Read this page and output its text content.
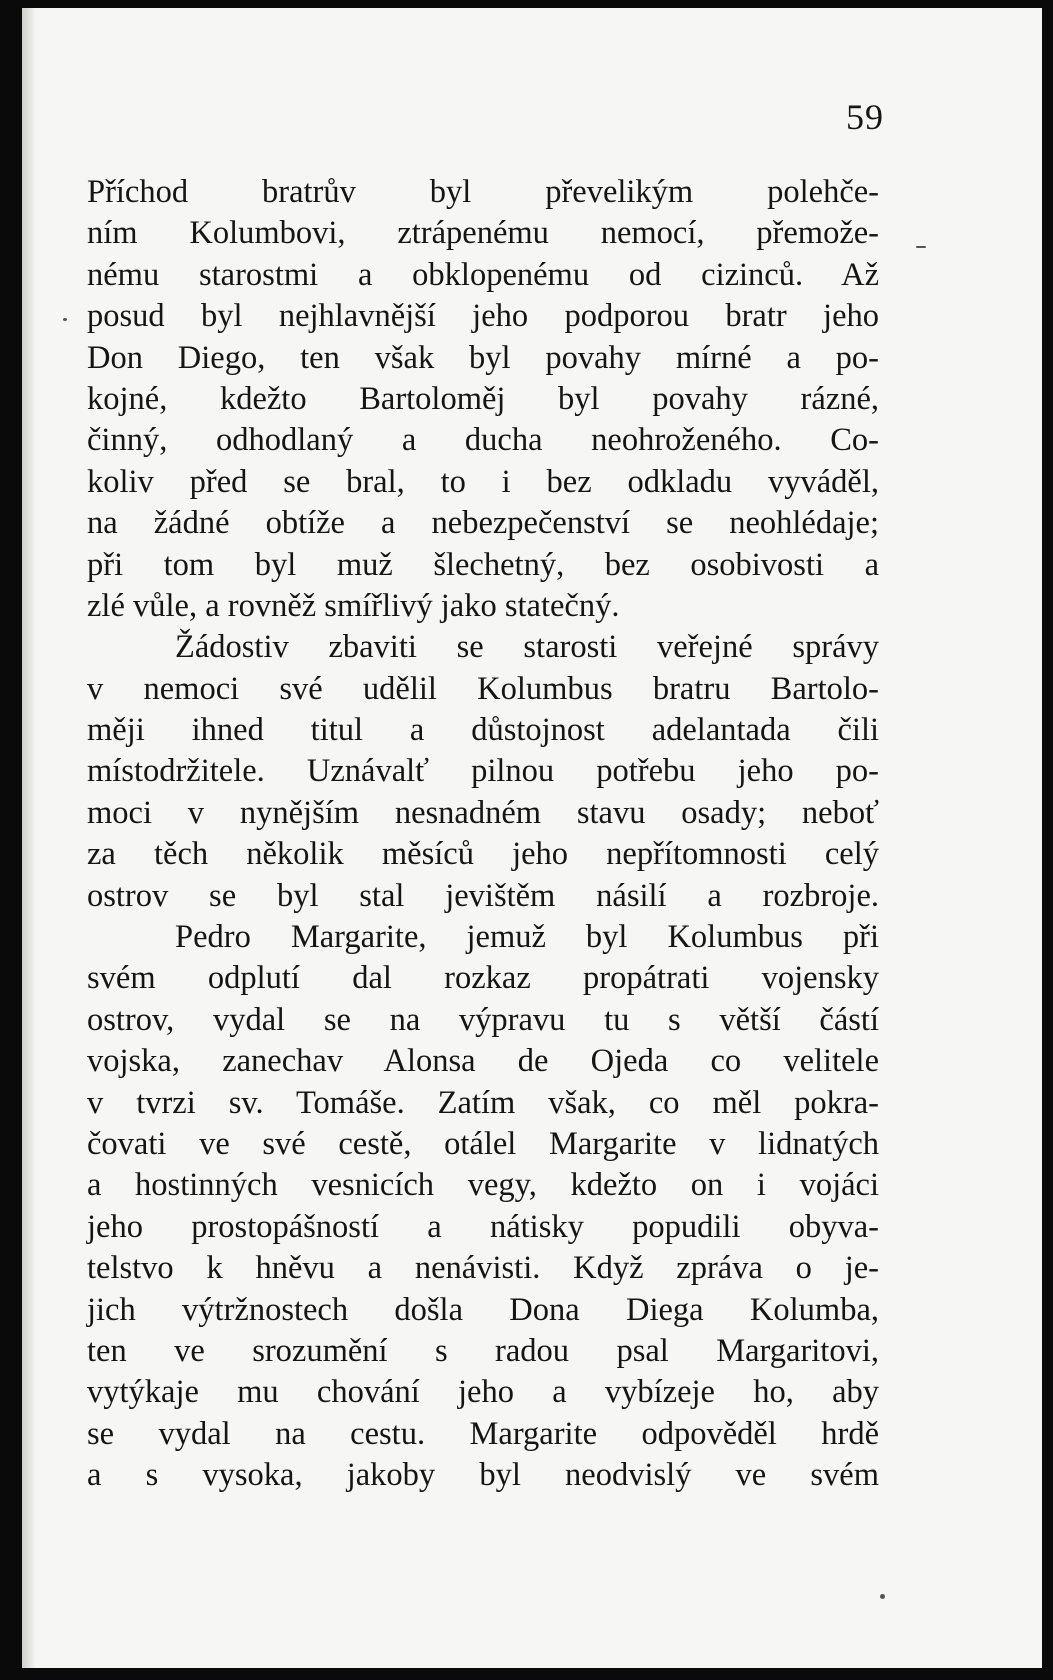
59
Příchod bratrův byl převelikým polehče-
ním Kolumbovi, ztrápenému nemocí, přemože-
nému starostmi a obklopenému od cizinců. Až
posud byl nejhlavnější jeho podporou bratr jeho
Don Diego, ten však byl povahy mírné a po-
kojné, kdežto Bartoloměj byl povahy rázné,
činný, odhodlaný a ducha neohroženého. Co-
koliv před se bral, to i bez odkladu vyváděl,
na žádné obtíže a nebezpečenství se neohlédaje;
při tom byl muž šlechetný, bez osobivosti a
zlé vůle, a rovněž smířlivý jako statečný.
Žádostiv zbaviti se starosti veřejné správy
v nemoci své udělil Kolumbus bratru Bartolo-
měji ihned titul a důstojnost adelantada čili
místodržitele. Uznávalť pilnou potřebu jeho po-
moci v nynějším nesnadném stavu osady; neboť
za těch několik měsíců jeho nepřítomnosti celý
ostrov se byl stal jevištěm násilí a rozbroje.
Pedro Margarite, jemuž byl Kolumbus při
svém odplutí dal rozkaz propátrati vojensky
ostrov, vydal se na výpravu tu s větší částí
vojska, zanechav Alonsa de Ojeda co velitele
v tvrzi sv. Tomáše. Zatím však, co měl pokra-
čovati ve své cestě, otálel Margarite v lidnatých
a hostinných vesnicích vegy, kdežto on i vojáci
jeho prostopášností a nátisky popudili obyva-
telstvo k hněvu a nenávisti. Když zpráva o je-
jich výtržnostech došla Dona Diega Kolumba,
ten ve srozumění s radou psal Margaritovi,
vytýkaje mu chování jeho a vybízeje ho, aby
se vydal na cestu. Margarite odpověděl hrdě
a s vysoka, jakoby byl neodvislý ve svém
